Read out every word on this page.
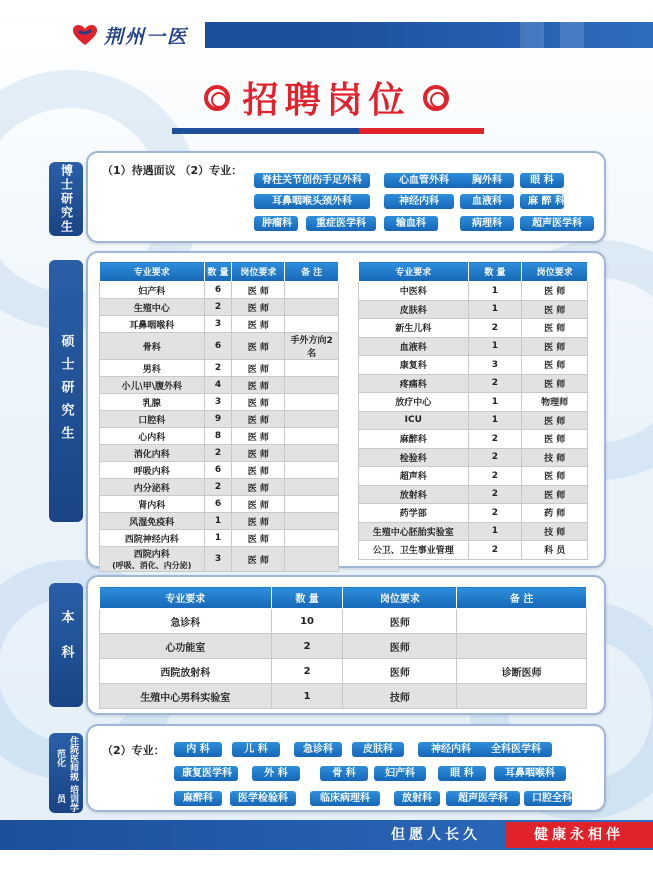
荆州一医
招聘岗位
博士研究生	（1）待遇面议 （2）专业：
脊柱关节创伤手足外科	心血管外科	胸外科	眼 科
耳鼻咽喉头颈外科	神经内科	血液科	麻 醉 科
肿瘤科	重症医学科	输血科	病理科	超声医学科
硕士研究生
专业要求	数 量	岗位要求	备 注
妇产科	6	医 师	
生殖中心	2	医 师	
耳鼻咽喉科	3	医 师	
骨科	6	医 师	手外方向2名
男科	2	医 师	
小儿\甲\腹外科	4	医 师	
乳腺	3	医 师	
口腔科	9	医 师	
心内科	8	医 师	
消化内科	2	医 师	
呼吸内科	6	医 师	
内分泌科	2	医 师	
肾内科	6	医 师	
风湿免疫科	1	医 师	
西院神经内科	1	医 师	
西院内科
(呼吸、消化、内分泌)	3	医 师	
专业要求	数 量	岗位要求
中医科	1	医 师
皮肤科	1	医 师
新生儿科	2	医 师
血液科	1	医 师
康复科	3	医 师
疼痛科	2	医 师
放疗中心	1	物理师
ICU	1	医 师
麻醉科	2	医 师
检验科	2	技 师
超声科	2	医 师
放射科	2	医 师
药学部	2	药 师
生殖中心胚胎实验室	1	技 师
公卫、卫生事业管理	2	科 员
本科
专业要求	数 量	岗位要求	备 注
急诊科	10	医师	
心功能室	2	医师	
西院放射科	2	医师	诊断医师
生殖中心男科实验室	1	技师	
住院医师规范化
培训学员
（2）专业：	内 科	儿 科	急诊科	皮肤科	神经内科	全科医学科
康复医学科	外 科	骨 科	妇产科	眼 科	耳鼻咽喉科
麻醉科	医学检验科	临床病理科	放射科	超声医学科	口腔全科
但愿人长久	健康永相伴
